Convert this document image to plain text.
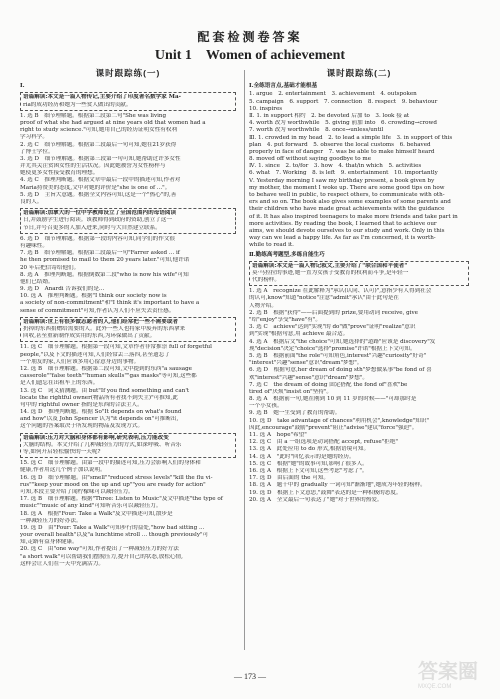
配套检测卷答案
Unit 1　Women of achievement
课时跟踪练(一)
Ⅰ.
语篇解读:本文是一篇人物传记,主要介绍了印度著名数学家 Ma-
ria的成功经历和她为一些贫人做出的贡献。
1. 选 B　细节理解题。根据第二段第二句"She was living
proof of what she had argued at nine years old that women had a
right to study science."可知,她用自己的经历证明女性有权利
学习科学。
2. 选 C　细节理解题。根据第二段最后一句可知,她在21岁获得
了博士学位。
3. 选 D　细节理解题。根据第三段第一句可知,她帮助过许多女性
并尤其关注贫困女性的生活状况。因此她被誉为女性榜样与
她使更多女性接受教育的理想。
4. 选 C　推理判断题。根据文章中最后一段中的描述可知,作者对
Maria持赞美的态度,文中对她的评价是"she is one of ..."。
5. 选 D　主旨大意题。根据全文内容可知,这是一个"热心"的,善
良的人。
语篇解读:加拿大的一位中学教师设立了全国范围内的母语阅读
日,并鼓励学生进行阅读。该教师得到政府的资助,创立了这一
节日,并号召更多的人加入进来,同时与大自然建立联系。
6. 选 D　细节理解题。根据第一段的内容可知,同学们的作文很
有趣味性。
7. 选 B　细节理解题。根据第二段最后一句"Farrer asked ... if
he then promised to mail to them 20 years later."可知,他许诺
20 年后把信寄给他们。
8. 选 A　推理判断题。根据倒数第二段"who is now his wife"可知
他们已结婚。
9. 选 D　Anardi 告诉我们的是...
10. 选 A　推理判断题。根据"I think our society now is
a society of non-commitment"和"I think it's important to have a
sense of commitment"可知,作者认为人们不应失去责任感。
语篇解读:世上有很多做志愿者的人,他们经常把一些不需要或者
扔掉的东西捐赠给需要的人。此外一些人也将家中废弃的东西拿来
回收,甚至重新制作成实用的东西,为环保做出了贡献。
11. 选 C　细节理解题。根据第一段可知,文章作者非常推崇 full of forgetful
people,"以及下文的描述可知,人们经常丢三落四,甚至遗忘了
一个朋友的家,人们应该多用心留意身边的事物。
12. 选 B　细节理解题。根据第二段可知,文中提到的东西"a sausage
casserole""false teeth""human skulls""gas masks"等可知,这些都
是人们遗忘在出租车上的东西。
13. 选 C　词义猜测题。由 but"If you find something and can't
locate the rightful owner(物品所有者找不到失主)"可推知,此
句中的 rightful owner 指的是东西的合法主人。
14. 选 D　推理判断题。根据 So"It depends on what's found
and how"以及 John Spencer 认为"it depends on"可推断出,
这个问题的答案取决于所发现的物品及发现方式。
语篇解读:压力对大脑和身体都有影响,研究表明,压力能改变
大脑的结构。本文介绍了几种减轻压力的方式,如深呼吸、听音乐
等,如何开启轻松愉快的一天呢?
15. 选 C　细节理解题。由第一段中的描述可知,压力会影响人们的身体和
健康,作者用这几个例子加以说明。
16. 选 D　细节理解题。由"smell""reduced stress levels""kill the flu vi-
rus""keep your mood on the up and up""you are ready for action"
可知,本段主要介绍了闻柠檬味可以减轻压力。
17. 选 B　细节理解题。根据"Three: Listen to Music"及文中描述"the type of
music""music of any kind"可知听音乐可以减轻压力。
18. 选 A　根据"Four: Take a Walk"及文中描述可知,散步是
一种减轻压力的好办法。
19. 选 D　由"Four: Take a Walk"可知步行的益处,"how bad sitting ...
your overall health"以及"a lunchtime stroll ... though previously"可
知,走路有益身体健康。
20. 选 C　由"one way"可知,作者提出了一种减轻压力的好方法
"a short walk"可以帮助我们摆脱压力,提升自己的状态,放松心情,
这样会让人们在一天中充满活力。
课时跟踪练(二)
Ⅰ.全练语言点,基础才能根基
1. argue　2. entertainment　3. achievement　4. outspoken
5. campaign　6. support　7. connection　8. respect　9. behaviour
10. inspires
Ⅱ. 1. in support 相约　2. be devoted 后加 to　3. look 接 at
4. worth 改为 worthwhile　5. giving 前加 into　6. crowding→crowd
7. worth 改为 worthwhile　8. once→unless/until
Ⅲ. 1. crowded in my head　2. to lead a simple life　3. in support of this
plan　4. put forward　5. observe the local customs　6. behaved
properly in face of danger　7. was be able to make himself heard
8. moved off without saying goodbye to me
Ⅳ. 1. since　2. to/for　3. how　4. that/in which　5. activities
6. what　7. Working　8. is left　9. entertainment　10. importantly
Ⅴ. Yesterday morning I saw my birthday present, a book given by
my mother, the moment I woke up. There are some good tips on how
to behave well in public, to respect others, to communicate with oth-
ers and so on. The book also gives some examples of some parents and
their children who have made great achievements with the guidance
of it. It has also inspired teenagers to make more friends and take part in
more activities. By reading the book, I learned that to achieve our
aims, we should devote ourselves to our study and work. Only in this
way can we lead a happy life. As far as I'm concerned, it is worth-
while to read it.
Ⅱ.勤练高考题型,多练自能生巧
语篇解读:本文是一篇人物记叙文,主要介绍了"联合国和平使者"
莫·马拉拉的事迹,她一直为女孩子受教育的权利而斗争,是年轻一
代的榜样。
1. 选 A　recognize 在此解释为"承认(认同、认可)",意指少有人得到社会
的认可,know"知道"notice"注意"admit"承认"由于此句是在
人物介绍。
2. 选 B　根据"获得"——后面提到的 prize,要用动词 receive, give
"给"enjoy"享受"have"有"。
3. 选 C　achieve"达到"实现"的 do"做"prove"证明"realize"意识
到"实现"根据句意,用 achieve 最合适。
4. 选 A　根据后文"the choice"可知,她选择的"道路"应该是 discovery"发
现"decision"决定"choice"选择"promise"许诺"根据上下文可知。
5. 选 B　根据前面"the role"可知角色,interest"兴趣"curiosity"好奇"
"interest"兴趣"sense"意识"dream"梦想"。
6. 选 D　根据句意,her dream of doing sth"梦想做某事"be fond of 喜
欢"interest"兴趣"sense"意识"dream"梦想"。
7. 选 C　the dream of doing 固定搭配 the fond of"喜欢"be
tired of"厌烦"insist on"坚持"。
8. 选 A　根据前一句,她在刚到 10 到 11 岁的时候——"可却那时是
一个小女孩。
9. 选 B　她一生受到了教育的帮助。
10. 选 D　take advantage of chances"利用机会",knowledge"知识"
因此,encourage"鼓励"prevent"阻止"advise"建议"force"强迫"。
11. 选 A　hope"希望"
12. 选 C　由 a 一组选项是动词搭配 accept, refuse"拒绝"
13. 选 A　此处应用 to do 形式,根据语境可知。
14. 选 A　"此时"回忆表示的是她的经历。
15. 选 C　根据"她"的故事可知,影响了很多人。
16. 选 A　根据上下文可知,这些考虑"考虑了"。
17. 选 D　由后面的 the 可知。
18. 选 A　题干中的 gradually 一词可知"渐渐地",她成为年轻的榜样。
19. 选 D　根据上下文意思,"鼓舞"表达的是一种积极的态度。
20. 选 A　全文最后一句表达了"她"对于世界的热爱。
— 173 —	答案圈
MXQE.COM
